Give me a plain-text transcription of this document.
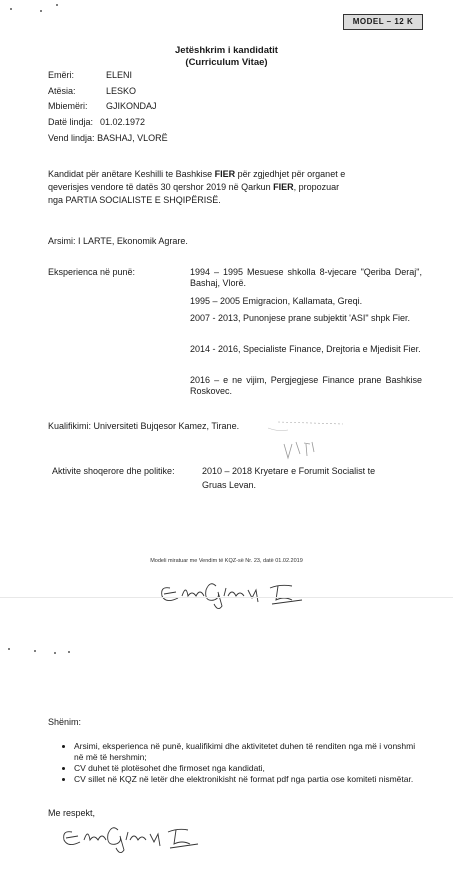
MODEL – 12 K
Jetëshkrim i kandidatit
(Curriculum Vitae)
Emëri:	ELENI
Atësia:	LESKO
Mbiemëri:	GJIKONDAJ
Datë lindja: 01.02.1972
Vend lindja: BASHAJ, VLORË
Kandidat për anëtare Keshilli te Bashkise FIER për zgjedhjet për organet e
qeverisjes vendore të datës 30 qershor 2019 në Qarkun FIER, propozuar
nga PARTIA SOCIALISTE E SHQIPËRISË.
Arsimi: I LARTE, Ekonomik Agrare.
Eksperienca në punë:	1994 – 1995 Mesuese shkolla 8-vjecare "Qeriba Deraj", Bashaj, Vlorë.
1995 – 2005 Emigracion, Kallamata, Greqi.
2007 - 2013, Punonjese prane subjektit 'ASI" shpk Fier.
2014 - 2016, Specialiste Finance, Drejtoria e Mjedisit Fier.
2016 – e ne vijim, Pergjegjese Finance prane Bashkise Roskovec.
Kualifikimi: Universiteti Bujqesor Kamez, Tirane.
Aktivite shoqerore dhe politike:	2010 – 2018 Kryetare e Forumit Socialist te
Gruas Levan.
Modeli miratuar me Vendim të KQZ-së Nr. 23, datë 01.02.2019
Shënim:
• Arsimi, eksperienca në punë, kualifikimi dhe aktivitetet duhen të renditen nga më i vonshmi në më të hershmin;
• CV duhet të plotësohet dhe firmoset nga kandidati,
• CV sillet në KQZ në letër dhe elektronikisht në format pdf nga partia ose komiteti nismëtar.
Me respekt,
